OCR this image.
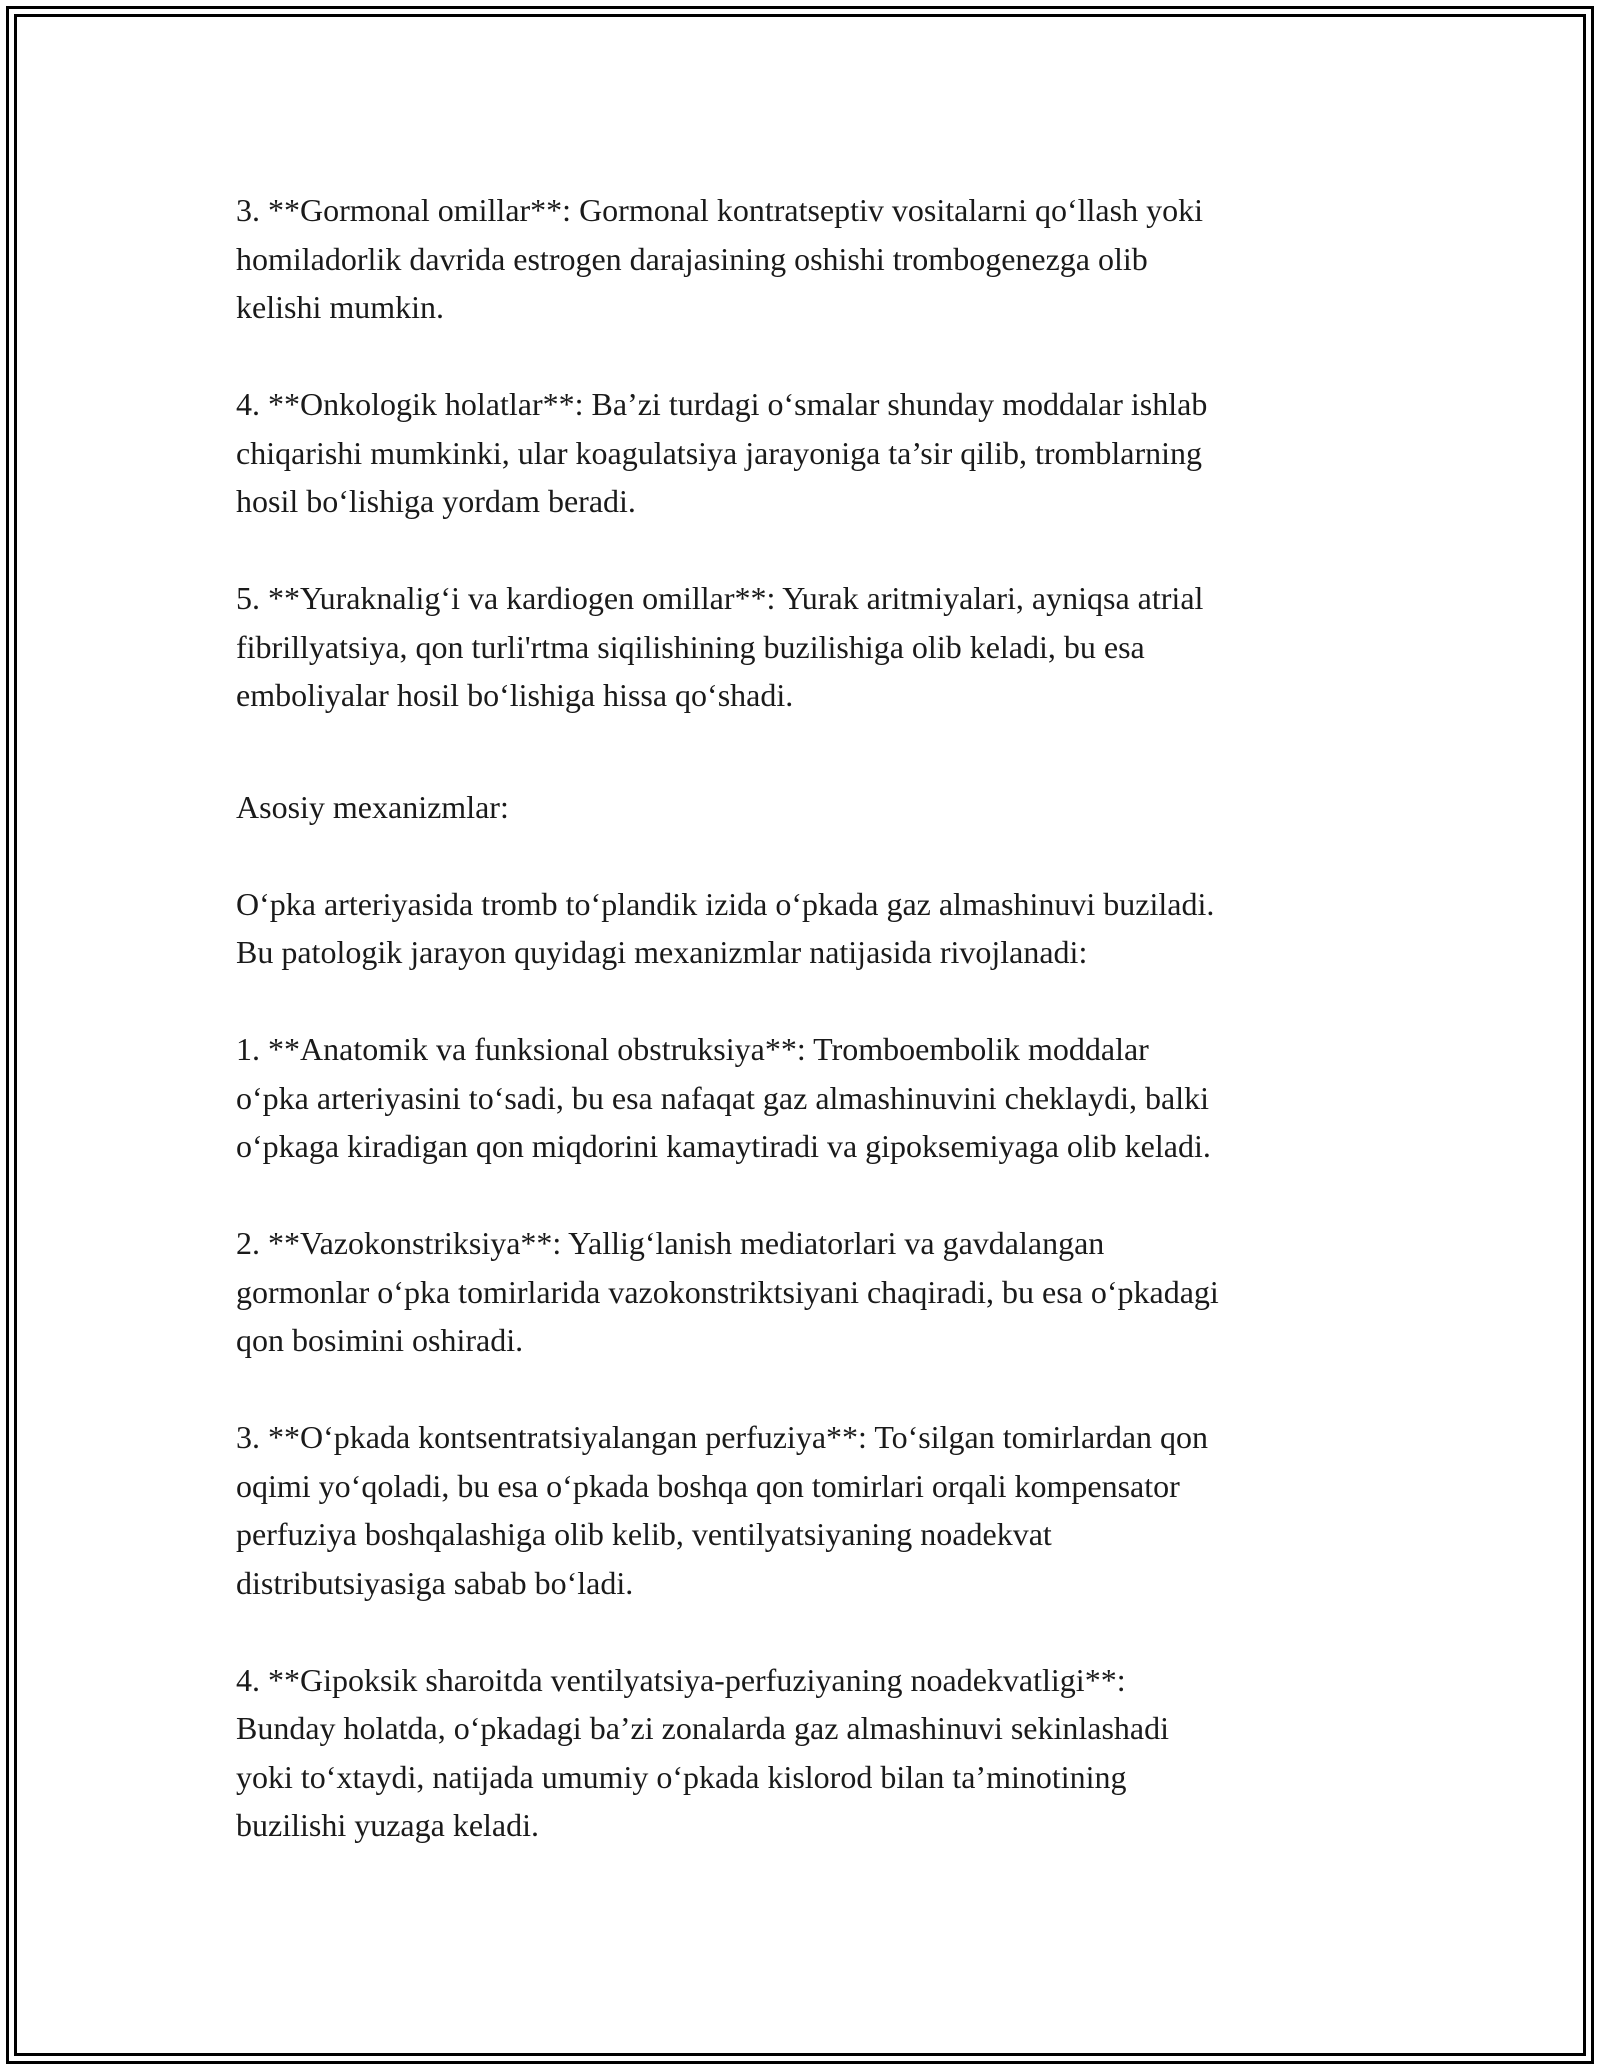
3. **Gormonal omillar**: Gormonal kontratseptiv vositalarni qo‘llash yoki
homiladorlik davrida estrogen darajasining oshishi trombogenezga olib
kelishi mumkin.

4. **Onkologik holatlar**: Ba’zi turdagi o‘smalar shunday moddalar ishlab
chiqarishi mumkinki, ular koagulatsiya jarayoniga ta’sir qilib, tromblarning
hosil bo‘lishiga yordam beradi.

5. **Yuraknalig‘i va kardiogen omillar**: Yurak aritmiyalari, ayniqsa atrial
fibrillyatsiya, qon turli'rtma siqilishining buzilishiga olib keladi, bu esa
emboliyalar hosil bo‘lishiga hissa qo‘shadi.

Asosiy mexanizmlar:

O‘pka arteriyasida tromb to‘plandik izida o‘pkada gaz almashinuvi buziladi.
Bu patologik jarayon quyidagi mexanizmlar natijasida rivojlanadi:

1. **Anatomik va funksional obstruksiya**: Tromboembolik moddalar
o‘pka arteriyasini to‘sadi, bu esa nafaqat gaz almashinuvini cheklaydi, balki
o‘pkaga kiradigan qon miqdorini kamaytiradi va gipoksemiyaga olib keladi.

2. **Vazokonstriksiya**: Yallig‘lanish mediatorlari va gavdalangan
gormonlar o‘pka tomirlarida vazokonstriktsiyani chaqiradi, bu esa o‘pkadagi
qon bosimini oshiradi.

3. **O‘pkada kontsentratsiyalangan perfuziya**: To‘silgan tomirlardan qon
oqimi yo‘qoladi, bu esa o‘pkada boshqa qon tomirlari orqali kompensator
perfuziya boshqalashiga olib kelib, ventilyatsiyaning noadekvat
distributsiyasiga sabab bo‘ladi.

4. **Gipoksik sharoitda ventilyatsiya-perfuziyaning noadekvatligi**:
Bunday holatda, o‘pkadagi ba’zi zonalarda gaz almashinuvi sekinlashadi
yoki to‘xtaydi, natijada umumiy o‘pkada kislorod bilan ta’minotining
buzilishi yuzaga keladi.
